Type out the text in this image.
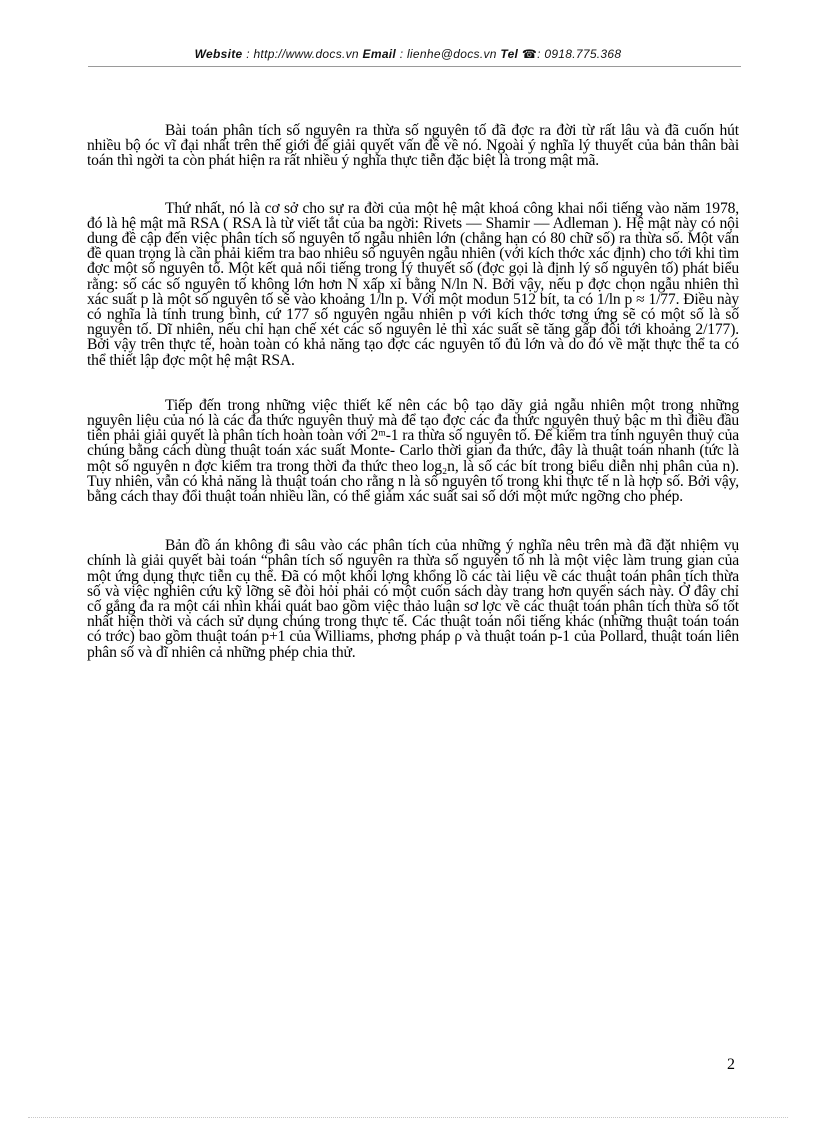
Website : http://www.docs.vn Email : lienhe@docs.vn Tel ☎: 0918.775.368

Bài toán phân tích số nguyên ra thừa số nguyên tố đã đợc ra đời từ rất lâu và đã cuốn hút nhiều bộ óc vĩ đại nhất trên thế giới để giải quyết vấn đề về nó. Ngoài ý nghĩa lý thuyết của bản thân bài toán thì ngời ta còn phát hiện ra rất nhiều ý nghĩa thực tiễn đặc biệt là trong mật mã.

Thứ nhất, nó là cơ sở cho sự ra đời của một hệ mật khoá công khai nổi tiếng vào năm 1978, đó là hệ mật mã RSA ( RSA là từ viết tắt của ba ngời: Rivets — Shamir — Adleman ). Hệ mật này có nội dung đề cập đến việc phân tích số nguyên tố ngẫu nhiên lớn (chẳng hạn có 80 chữ số) ra thừa số. Một vấn đề quan trọng là cần phải kiểm tra bao nhiêu số nguyên ngẫu nhiên (với kích thớc xác định) cho tới khi tìm đợc một số nguyên tố. Một kết quả nổi tiếng trong lý thuyết số (đợc gọi là định lý số nguyên tố) phát biểu rằng: số các số nguyên tố không lớn hơn N xấp xỉ bằng N/ln N. Bởi vậy, nếu p đợc chọn ngẫu nhiên thì xác suất p là một số nguyên tố sẽ vào khoảng 1/ln p. Với một modun 512 bít, ta có 1/ln p ≈ 1/77. Điều này có nghĩa là tính trung bình, cứ 177 số nguyên ngẫu nhiên p với kích thớc tơng ứng sẽ có một số là số nguyên tố. Dĩ nhiên, nếu chỉ hạn chế xét các số nguyên lẻ thì xác suất sẽ tăng gấp đôi tới khoảng 2/177). Bởi vậy trên thực tế, hoàn toàn có khả năng tạo đợc các nguyên tố đủ lớn và do đó về mặt thực thể ta có thể thiết lập đợc một hệ mật RSA.

Tiếp đến trong những việc thiết kế nên các bộ tạo dãy giả ngẫu nhiên một trong những nguyên liệu của nó là các đa thức nguyên thuỷ mà để tạo đợc các đa thức nguyên thuỷ bậc m thì điều đầu tiên phải giải quyết là phân tích hoàn toàn với 2ᵐ-1 ra thừa số nguyên tố. Để kiểm tra tính nguyên thuỷ của chúng bằng cách dùng thuật toán xác suất Monte- Carlo thời gian đa thức, đây là thuật toán nhanh (tức là một số nguyên n đợc kiểm tra trong thời đa thức theo log₂n, là số các bít trong biểu diễn nhị phân của n). Tuy nhiên, vẫn có khả năng là thuật toán cho rằng n là số nguyên tố trong khi thực tế n là hợp số. Bởi vậy, bằng cách thay đổi thuật toán nhiều lần, có thể giảm xác suất sai số dới một mức ngỡng cho phép.

Bản đồ án không đi sâu vào các phân tích của những ý nghĩa nêu trên mà đã đặt nhiệm vụ chính là giải quyết bài toán “phân tích số nguyên ra thừa số nguyên tố nh là một việc làm trung gian của một ứng dụng thực tiễn cụ thể. Đã có một khối lợng khổng lồ các tài liệu về các thuật toán phân tích thừa số và việc nghiên cứu kỹ lỡng sẽ đòi hỏi phải có một cuốn sách dày trang hơn quyển sách này. Ở đây chỉ cố gắng đa ra một cái nhìn khái quát bao gồm việc thảo luận sơ lợc về các thuật toán phân tích thừa số tốt nhất hiện thời và cách sử dụng chúng trong thực tế. Các thuật toán nổi tiếng khác (những thuật toán toán có trớc) bao gồm thuật toán p+1 của Williams, phơng pháp ρ và thuật toán p-1 của Pollard, thuật toán liên phân số và dĩ nhiên cả những phép chia thử.

2
